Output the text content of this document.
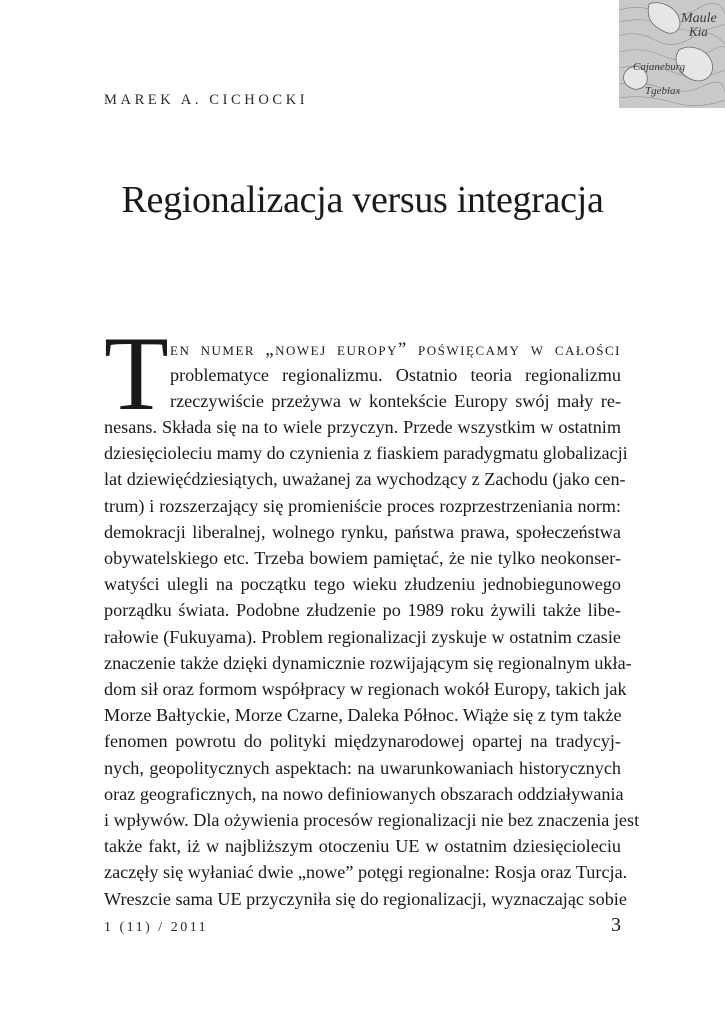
Maule
Kia
Cajaneburg
Tgeblax
MAREK A. CICHOCKI
Regionalizacja versus integracja
T en numer „nowej europy” poświęcamy w całości
problematyce regionalizmu. Ostatnio teoria regionalizmu
rzeczywiście przeżywa w kontekście Europy swój mały re-
nesans. Składa się na to wiele przyczyn. Przede wszystkim w ostatnim
dziesięcioleciu mamy do czynienia z fiaskiem paradygmatu globalizacji
lat dziewięćdziesiątych, uważanej za wychodzący z Zachodu (jako cen-
trum) i rozszerzający się promieniście proces rozprzestrzeniania norm:
demokracji liberalnej, wolnego rynku, państwa prawa, społeczeństwa
obywatelskiego etc. Trzeba bowiem pamiętać, że nie tylko neokonser-
watyści ulegli na początku tego wieku złudzeniu jednobiegunowego
porządku świata. Podobne złudzenie po 1989 roku żywili także libe-
rałowie (Fukuyama). Problem regionalizacji zyskuje w ostatnim czasie
znaczenie także dzięki dynamicznie rozwijającym się regionalnym ukła-
dom sił oraz formom współpracy w regionach wokół Europy, takich jak
Morze Bałtyckie, Morze Czarne, Daleka Północ. Wiąże się z tym także
fenomen powrotu do polityki międzynarodowej opartej na tradycyj-
nych, geopolitycznych aspektach: na uwarunkowaniach historycznych
oraz geograficznych, na nowo definiowanych obszarach oddziaływania
i wpływów. Dla ożywienia procesów regionalizacji nie bez znaczenia jest
także fakt, iż w najbliższym otoczeniu UE w ostatnim dziesięcioleciu
zaczęły się wyłaniać dwie „nowe” potęgi regionalne: Rosja oraz Turcja.
Wreszcie sama UE przyczyniła się do regionalizacji, wyznaczając sobie
1 (11) / 2011	3
